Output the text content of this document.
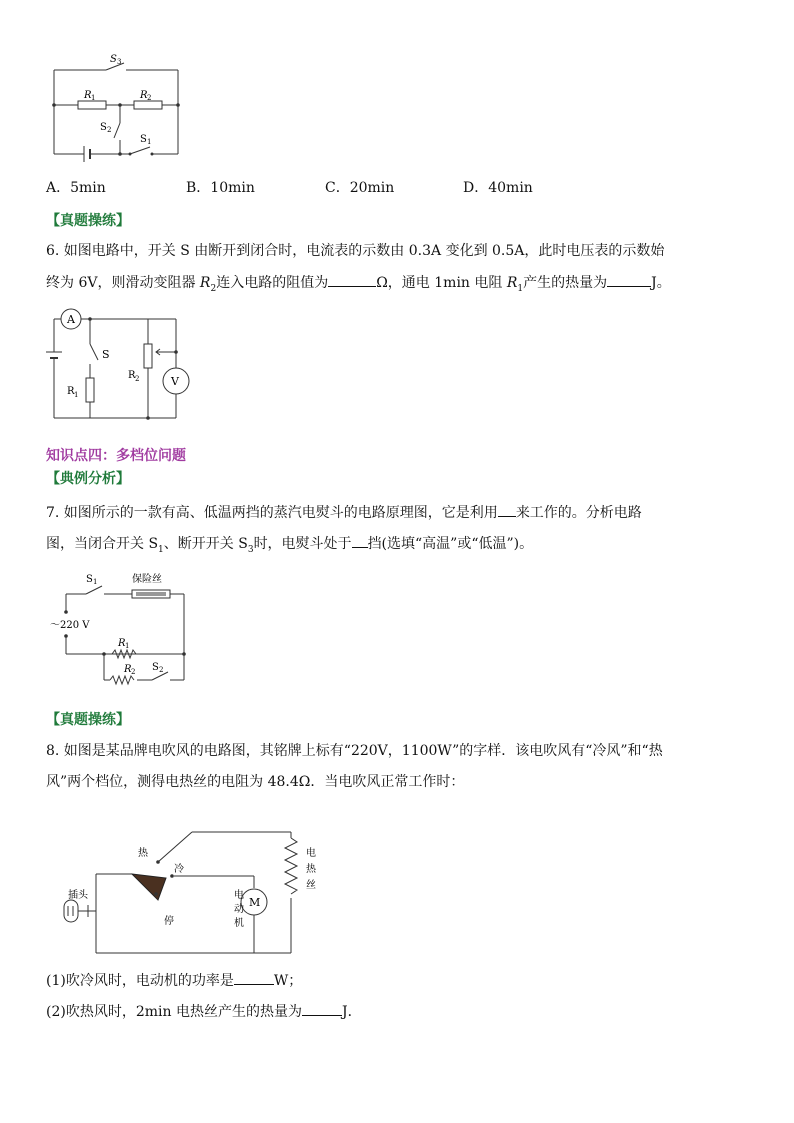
S 3
R 1	R 2
S 2
S 1
A．5min	B．10min	C．20min	D．40min
【真题操练】
6. 如图电路中，开关 S 由断开到闭合时，电流表的示数由 0.3A 变化到 0.5A，此时电压表的示数始
终为 6V，则滑动变阻器 $R_2$连入电路的阻值为	Ω，通电 1min 电阻 $R_1$产生的热量为	J。
A
V
S
R 1
R 2
知识点四：多档位问题
【典例分析】
7. 如图所示的一款有高、低温两挡的蒸汽电熨斗的电路原理图，它是利用 来工作的。分析电路
图，当闭合开关 $S_1$、断开开关 $S_3$时，电熨斗处于 挡(选填“高温”或“低温”)。
S 1	保险丝
～220 V
R 1
R 2 S 2
【真题操练】
8. 如图是某品牌电吹风的电路图，其铭牌上标有“220V，1100W”的字样．该电吹风有“冷风”和“热
风”两个档位，测得电热丝的电阻为 48.4Ω．当电吹风正常工作时：
热
冷
停
插头
M
电
动
机
电
热
丝
(1)吹冷风时，电动机的功率是	W；
(2)吹热风时，2min 电热丝产生的热量为	J．
